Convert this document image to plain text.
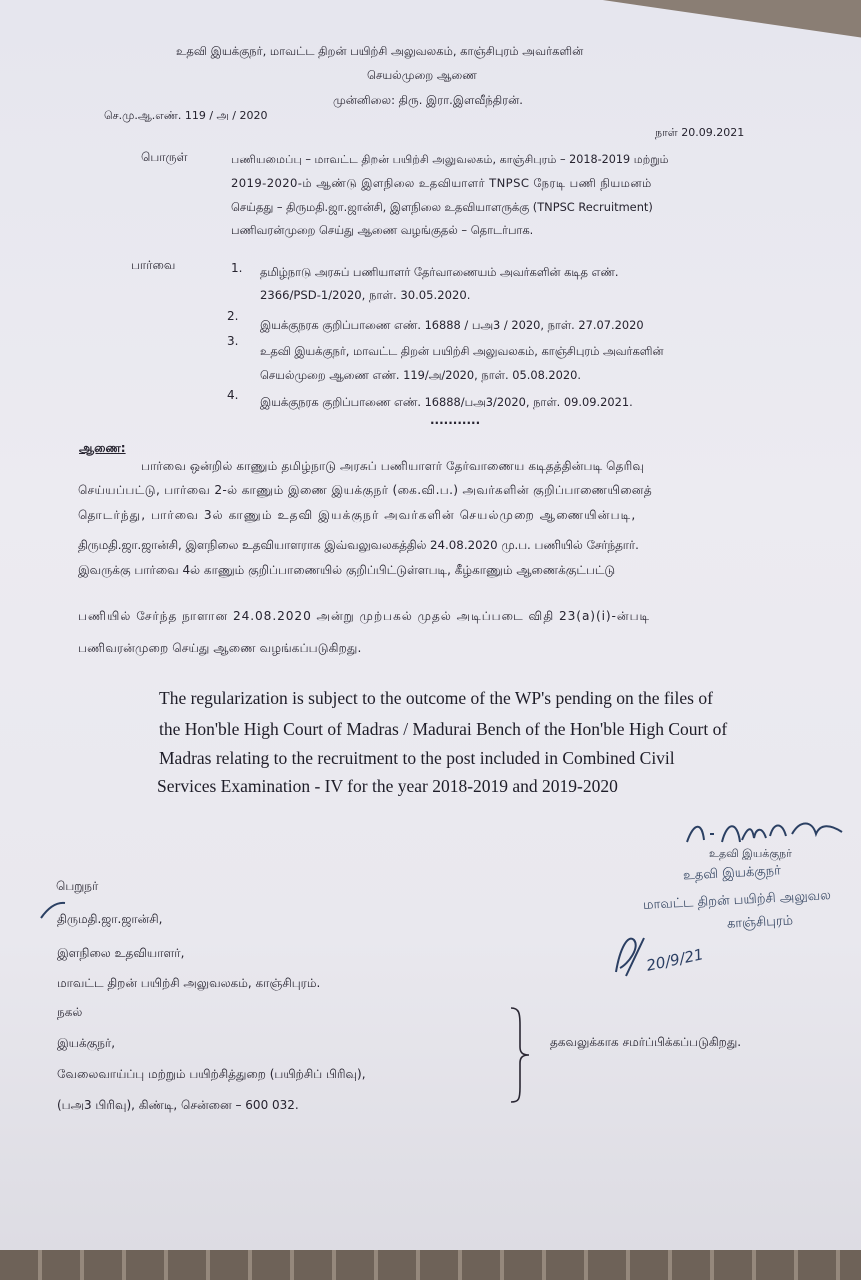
உதவி இயக்குநர், மாவட்ட திறன் பயிற்சி அலுவலகம், காஞ்சிபுரம் அவர்களின்
செயல்முறை ஆணை
முன்னிலை: திரு. இரா.இளவீந்திரன்.
செ.மு.ஆ.எண். 119 / அ / 2020
நாள் 20.09.2021
பொருள்	பணியமைப்பு – மாவட்ட திறன் பயிற்சி அலுவலகம், காஞ்சிபுரம் – 2018-2019 மற்றும்
2019-2020-ம் ஆண்டு இளநிலை உதவியாளர் TNPSC நேரடி பணி நியமனம்
செய்தது – திருமதி.ஜா.ஜான்சி, இளநிலை உதவியாளருக்கு (TNPSC Recruitment)
பணிவரன்முறை செய்து ஆணை வழங்குதல் – தொடர்பாக.
பார்வை	1. தமிழ்நாடு அரசுப் பணியாளர் தேர்வாணையம் அவர்களின் கடித எண்.
2366/PSD-1/2020, நாள். 30.05.2020.
2.
இயக்குநரக குறிப்பாணை எண். 16888 / பஅ3 / 2020, நாள். 27.07.2020
3.
உதவி இயக்குநர், மாவட்ட திறன் பயிற்சி அலுவலகம், காஞ்சிபுரம் அவர்களின்
செயல்முறை ஆணை எண். 119/அ/2020, நாள். 05.08.2020.
4. இயக்குநரக குறிப்பாணை எண். 16888/பஅ3/2020, நாள். 09.09.2021.
...........
ஆணை:
பார்வை ஒன்றில் காணும் தமிழ்நாடு அரசுப் பணியாளர் தேர்வாணைய கடிதத்தின்படி தெரிவு
செய்யப்பட்டு, பார்வை 2-ல் காணும் இணை இயக்குநர் (கை.வி.ப.) அவர்களின் குறிப்பாணையினைத்
தொடர்ந்து, பார்வை 3ல் காணும் உதவி இயக்குநர் அவர்களின் செயல்முறை ஆணையின்படி,
திருமதி.ஜா.ஜான்சி, இளநிலை உதவியாளராக இவ்வலுவலகத்தில் 24.08.2020 மு.ப. பணியில் சேர்ந்தார்.
இவருக்கு பார்வை 4ல் காணும் குறிப்பாணையில் குறிப்பிட்டுள்ளபடி, கீழ்காணும் ஆணைக்குட்பட்டு
பணியில் சேர்ந்த நாளான 24.08.2020 அன்று முற்பகல் முதல் அடிப்படை விதி 23(a)(i)-ன்படி
பணிவரன்முறை செய்து ஆணை வழங்கப்படுகிறது.
The regularization is subject to the outcome of the WP's pending on the files of
the Hon'ble High Court of Madras / Madurai Bench of the Hon'ble High Court of
Madras relating to the recruitment to the post included in Combined Civil
Services Examination - IV for the year 2018-2019 and 2019-2020
உதவி இயக்குநர்
உதவி இயக்குநர்
மாவட்ட திறன் பயிற்சி அலுவல
காஞ்சிபுரம்
20/9/21
பெறுநர்
திருமதி.ஜா.ஜான்சி,
இளநிலை உதவியாளர்,
மாவட்ட திறன் பயிற்சி அலுவலகம், காஞ்சிபுரம்.
நகல்
இயக்குநர்,
வேலைவாய்ப்பு மற்றும் பயிற்சித்துறை (பயிற்சிப் பிரிவு),
(பஅ3 பிரிவு), கிண்டி, சென்னை – 600 032.
தகவலுக்காக சமர்ப்பிக்கப்படுகிறது.
